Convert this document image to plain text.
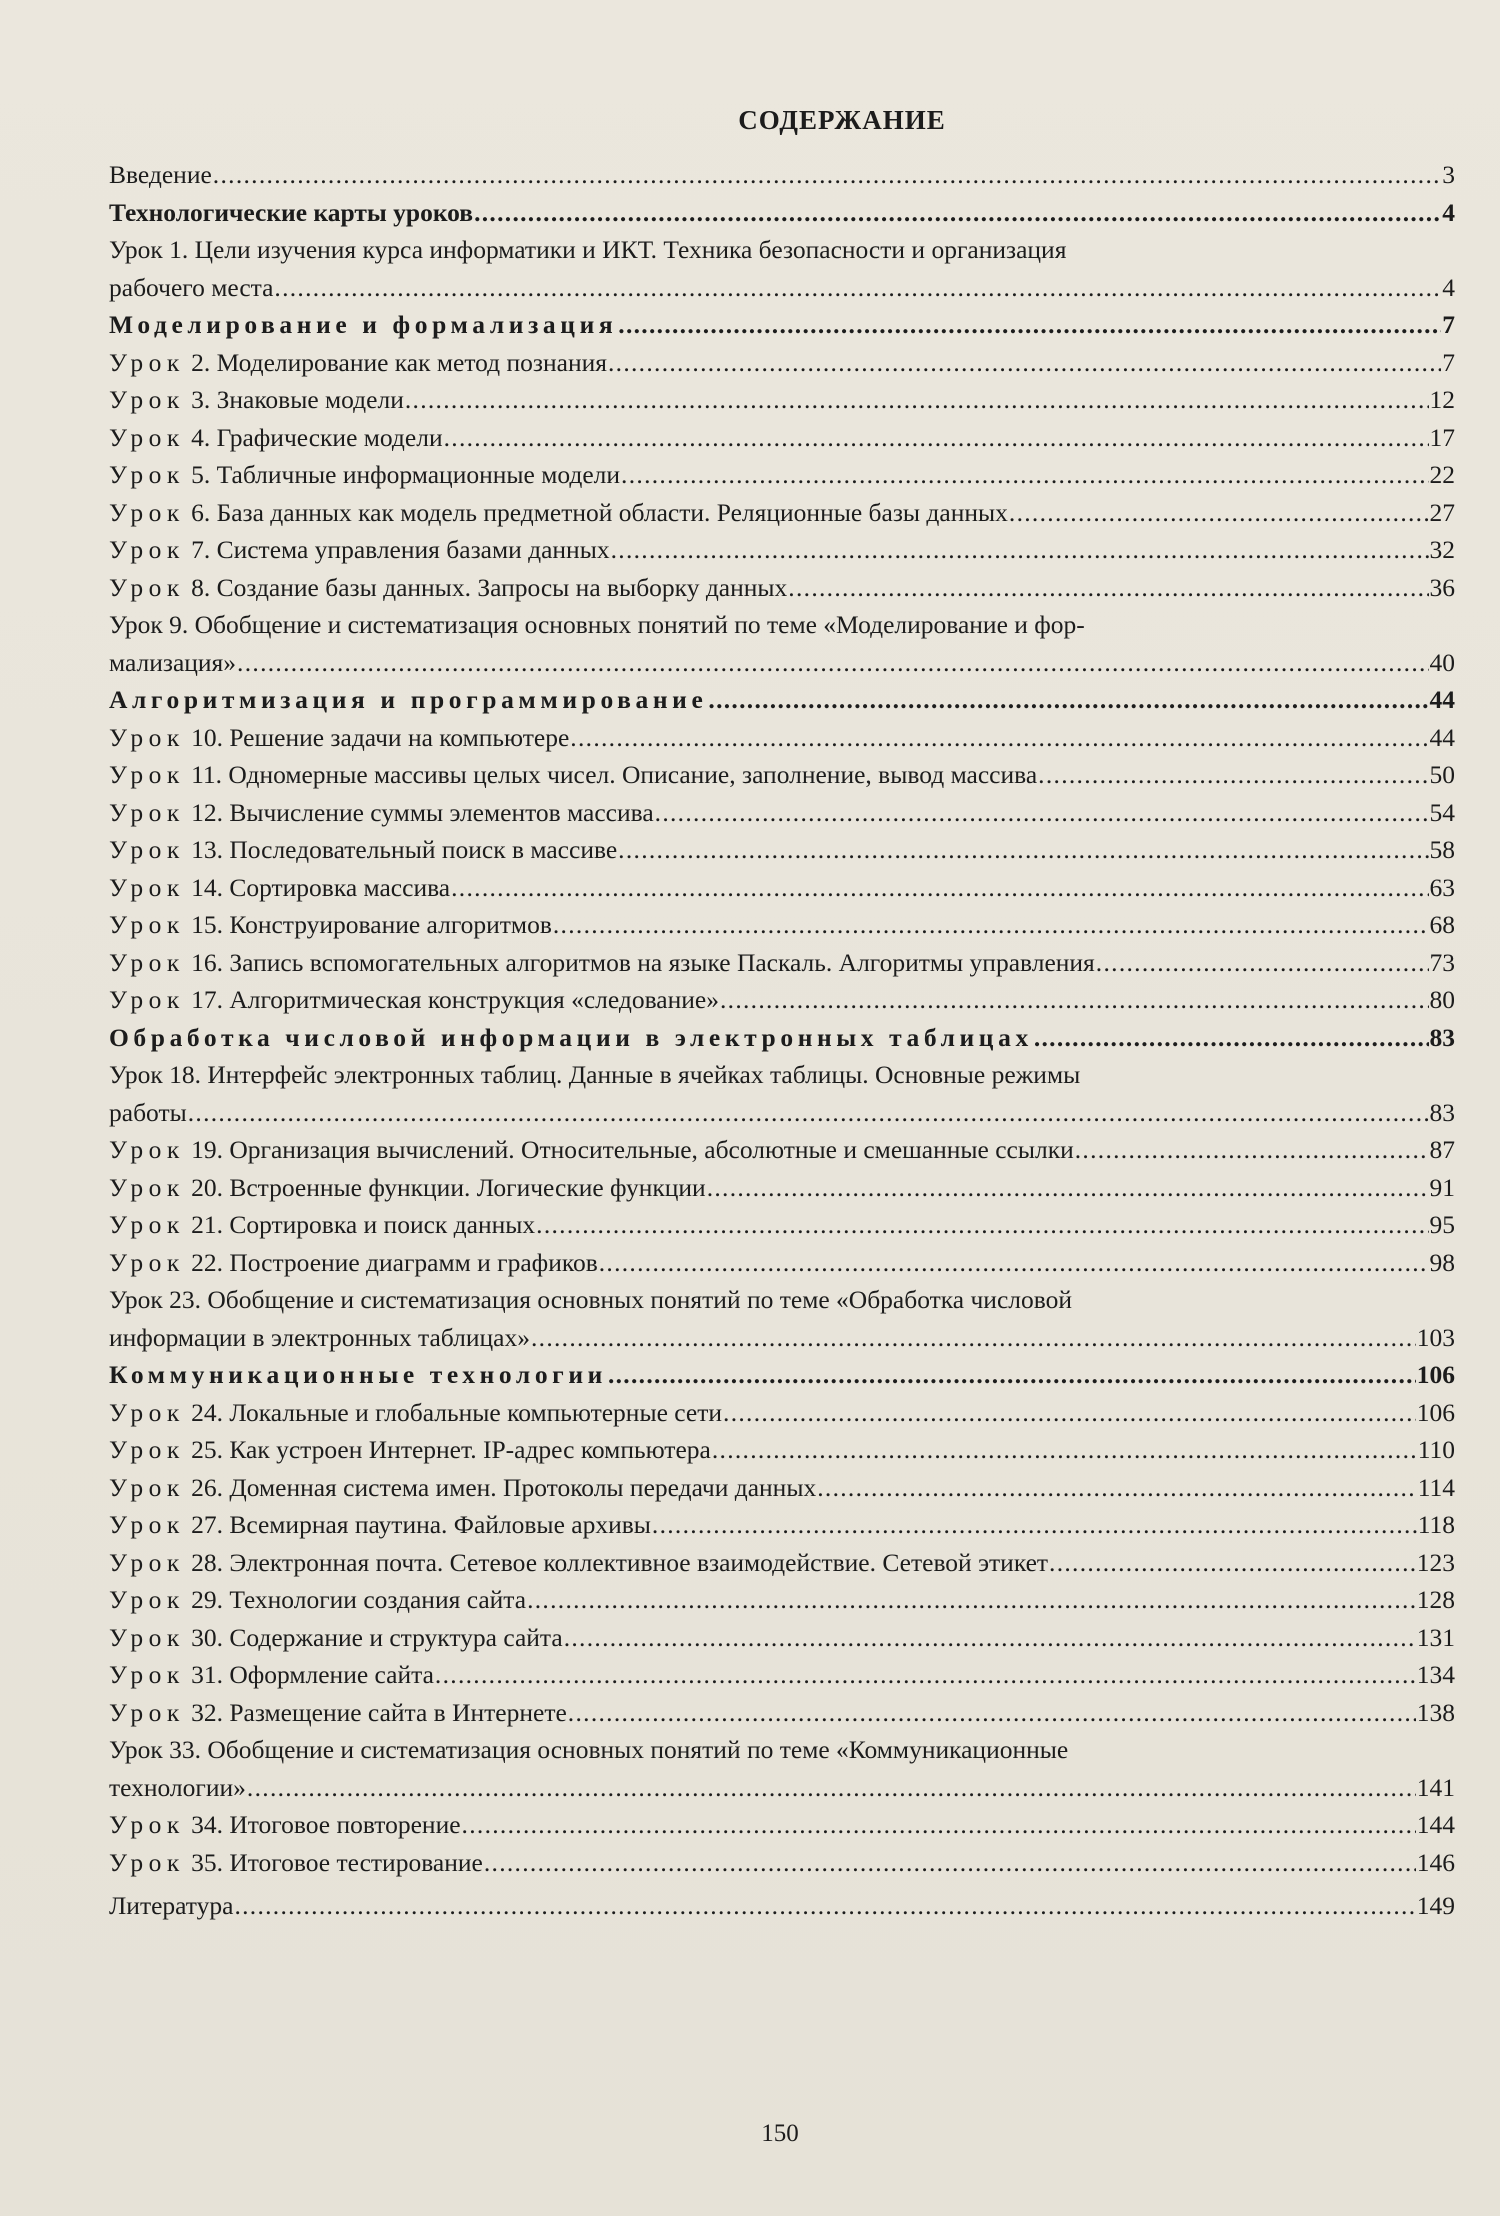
СОДЕРЖАНИЕ
Введение .....	3
Технологические карты уроков .....	4
Урок 1. Цели изучения курса информатики и ИКТ. Техника безопасности и организация
рабочего места .....	4
Моделирование и формализация .....	7
Урок 2. Моделирование как метод познания .....	7
Урок 3. Знаковые модели .....	12
Урок 4. Графические модели .....	17
Урок 5. Табличные информационные модели .....	22
Урок 6. База данных как модель предметной области. Реляционные базы данных .....	27
Урок 7. Система управления базами данных .....	32
Урок 8. Создание базы данных. Запросы на выборку данных .....	36
Урок 9. Обобщение и систематизация основных понятий по теме «Моделирование и фор-
мализация» .....	40
Алгоритмизация и программирование .....	44
Урок 10. Решение задачи на компьютере .....	44
Урок 11. Одномерные массивы целых чисел. Описание, заполнение, вывод массива .....	50
Урок 12. Вычисление суммы элементов массива .....	54
Урок 13. Последовательный поиск в массиве .....	58
Урок 14. Сортировка массива .....	63
Урок 15. Конструирование алгоритмов .....	68
Урок 16. Запись вспомогательных алгоритмов на языке Паскаль. Алгоритмы управления .....	73
Урок 17. Алгоритмическая конструкция «следование» .....	80
Обработка числовой информации в электронных таблицах .....	83
Урок 18. Интерфейс электронных таблиц. Данные в ячейках таблицы. Основные режимы
работы .....	83
Урок 19. Организация вычислений. Относительные, абсолютные и смешанные ссылки .....	87
Урок 20. Встроенные функции. Логические функции .....	91
Урок 21. Сортировка и поиск данных .....	95
Урок 22. Построение диаграмм и графиков .....	98
Урок 23. Обобщение и систематизация основных понятий по теме «Обработка числовой
информации в электронных таблицах» .....	103
Коммуникационные технологии .....	106
Урок 24. Локальные и глобальные компьютерные сети .....	106
Урок 25. Как устроен Интернет. IP-адрес компьютера .....	110
Урок 26. Доменная система имен. Протоколы передачи данных .....	114
Урок 27. Всемирная паутина. Файловые архивы .....	118
Урок 28. Электронная почта. Сетевое коллективное взаимодействие. Сетевой этикет .....	123
Урок 29. Технологии создания сайта .....	128
Урок 30. Содержание и структура сайта .....	131
Урок 31. Оформление сайта .....	134
Урок 32. Размещение сайта в Интернете .....	138
Урок 33. Обобщение и систематизация основных понятий по теме «Коммуникационные
технологии» .....	141
Урок 34. Итоговое повторение .....	144
Урок 35. Итоговое тестирование .....	146
Литература .....	149
150
